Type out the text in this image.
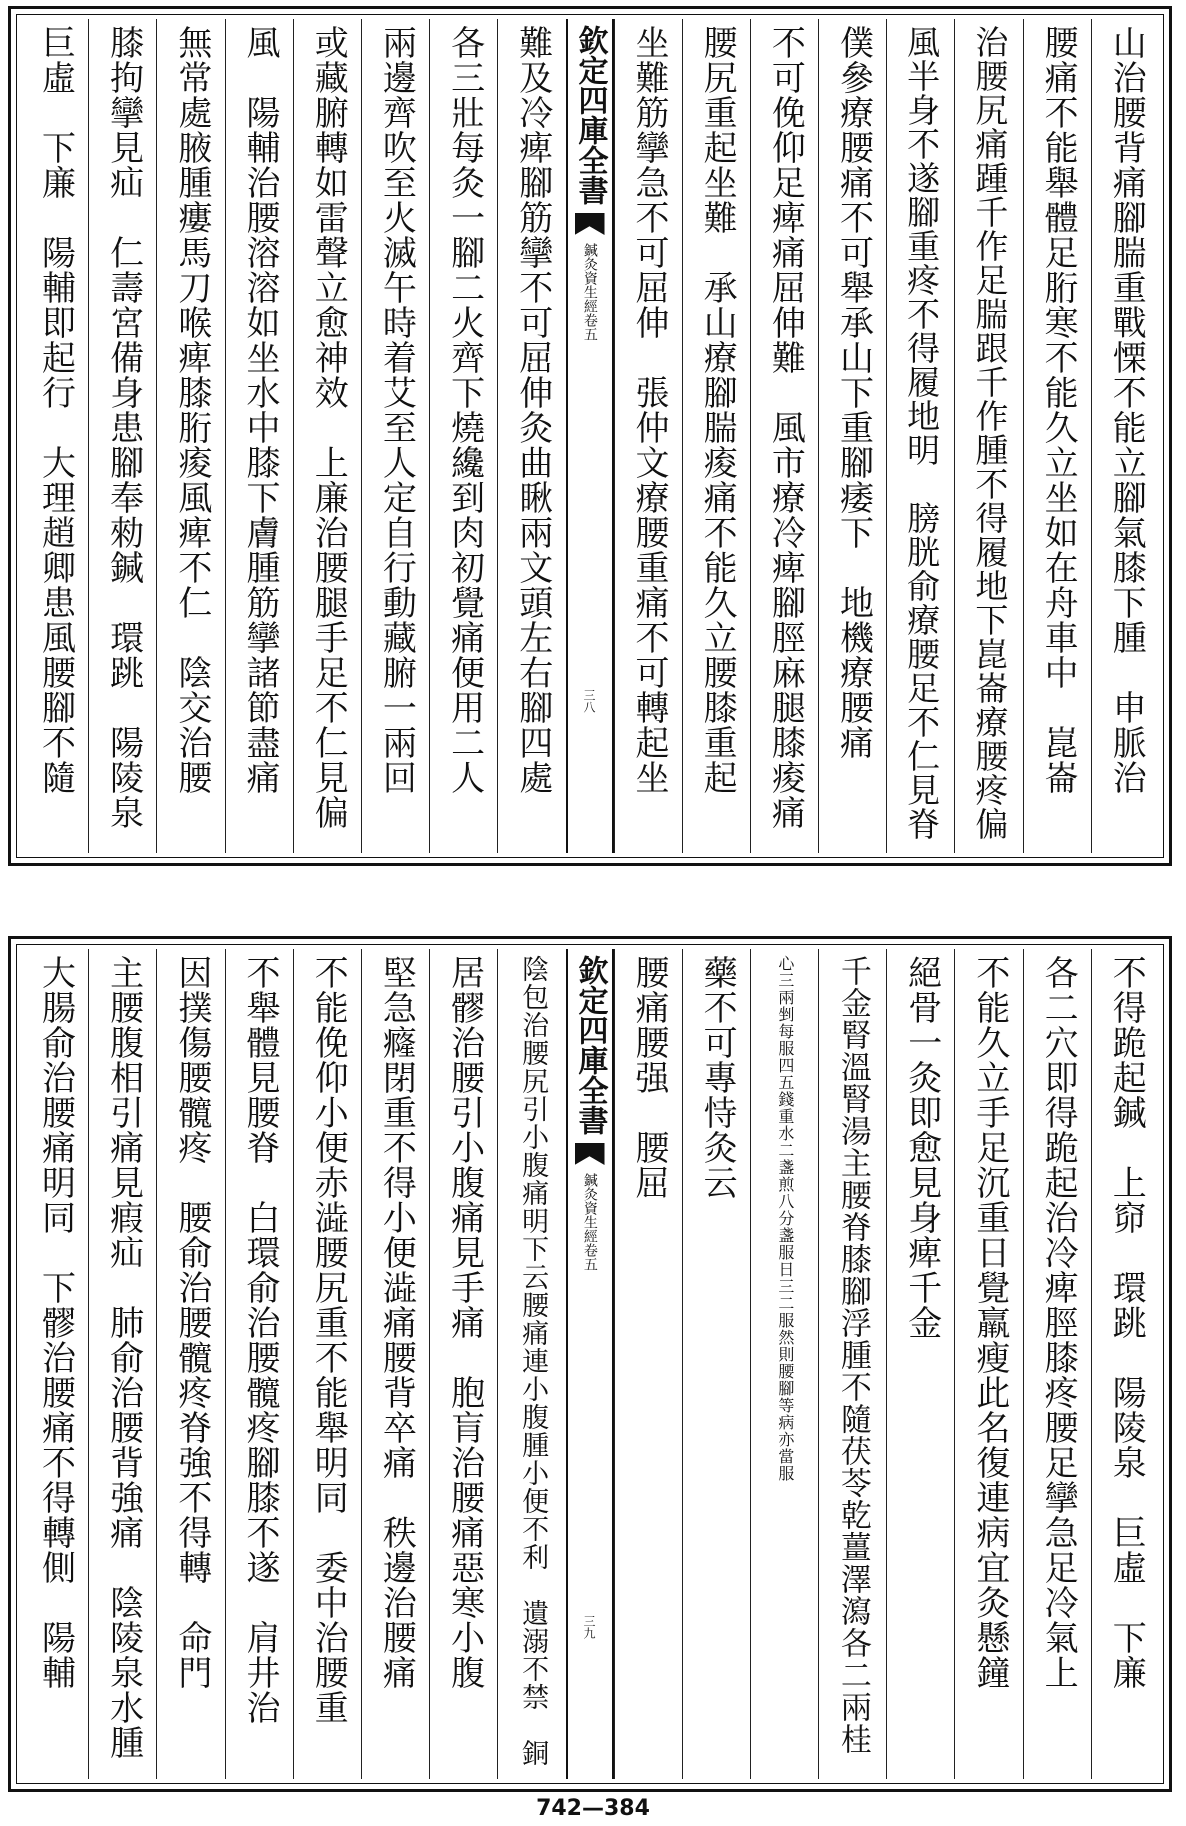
山治腰背痛腳腨重戰慄不能立腳氣膝下腫　申脈治
腰痛不能舉體足胻寒不能久立坐如在舟車中　崑崙
治腰尻痛踵千作足腨跟千作腫不得履地下崑崙療腰疼偏
風半身不遂腳重疼不得履地明　膀胱俞療腰足不仁見脊
僕參療腰痛不可舉承山下重腳痿下　地機療腰痛
不可俛仰足痺痛屈伸難　風市療冷痺腳脛麻腿膝痠痛
腰尻重起坐難　承山療腳腨痠痛不能久立腰膝重起
坐難筋攣急不可屈伸　張仲文療腰重痛不可轉起坐
欽定四庫全書
鍼灸資生經
卷五
三八
難及冷痺腳筋攣不可屈伸灸曲瞅兩文頭左右腳四處
各三壯每灸一腳二火齊下燒纔到肉初覺痛便用二人
兩邊齊吹至火滅午時着艾至人定自行動藏腑一兩回
或藏腑轉如雷聲立愈神效　上廉治腰腿手足不仁見偏
風　陽輔治腰溶溶如坐水中膝下膚腫筋攣諸節盡痛
無常處腋腫瘻馬刀喉痺膝胻痠風痺不仁　陰交治腰
膝拘攣見疝　仁壽宮備身患腳奉勑鍼　環跳　陽陵泉
巨虛　下廉　陽輔即起行　大理趙卿患風腰腳不隨
不得跪起鍼　上窌　環跳　陽陵泉　巨虛　下廉
各二穴即得跪起治冷痺脛膝疼腰足攣急足冷氣上
不能久立手足沉重日覺羸瘦此名復連病宜灸懸鐘
絕骨一灸即愈見身痺千金
千金腎溫腎湯主腰脊膝腳浮腫不隨茯苓乾薑澤瀉各二兩桂
心三兩剉每服四五錢重水二盞煎八分盞服日三二服然則腰腳等病亦當服
藥不可專恃灸云
腰痛腰强　腰屈
欽定四庫全書
鍼灸資生經
卷五
三九
陰包治腰尻引小腹痛明下云腰痛連小腹腫小便不利　遺溺不禁　銅
居髎治腰引小腹痛見手痛　胞肓治腰痛惡寒小腹
堅急癃閉重不得小便澁痛腰背卒痛　秩邊治腰痛
不能俛仰小便赤澁腰尻重不能舉明同　委中治腰重
不舉體見腰脊　白環俞治腰髖疼腳膝不遂　肩井治
因撲傷腰髖疼　腰俞治腰髖疼脊強不得轉　命門
主腰腹相引痛見瘕疝　肺俞治腰背強痛　陰陵泉水腫
大腸俞治腰痛明同　下髎治腰痛不得轉側　陽輔
742—384
